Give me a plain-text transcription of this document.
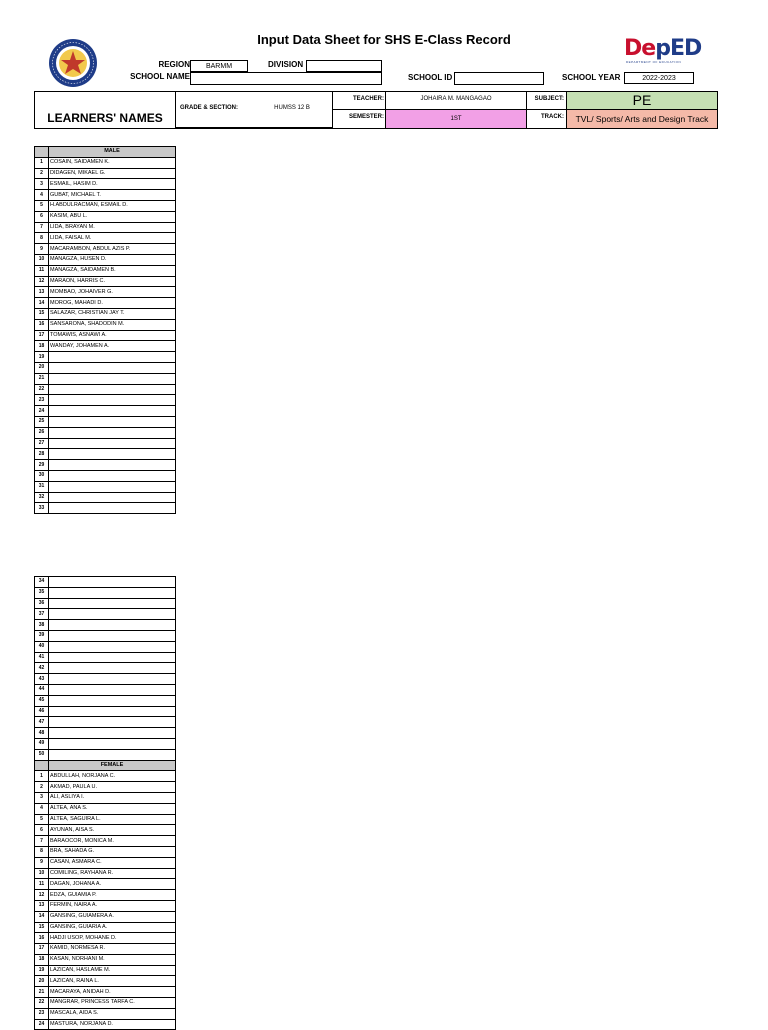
Input Data Sheet for SHS E-Class Record	DepED
DEPARTMENT OF EDUCATION
REGION	BARMM	DIVISION
SCHOOL NAME	SCHOOL ID	SCHOOL YEAR	2022-2023
LEARNERS' NAMES
GRADE & SECTION:	HUMSS 12 B
TEACHER:	JOHAIRA M. MANGAGAO
SEMESTER:	1ST
SUBJECT:	PE
TRACK:	TVL/ Sports/ Arts and Design Track
	MALE
1	COSAIN, SAIDAMEN K.
2	DIDAGEN, MIKAEL G.
3	ESMAIL, HASIM D.
4	GUBAT, MICHAEL T.
5	H.ABDULRACMAN, ESMAIL D.
6	KASIM, ABU L.
7	LIDA, BRAYAN M.
8	LIDA, FAISAL M.
9	MACARAMBON, ABDUL AZIS P.
10	MANAGZA, HUSEN D.
11	MANAGZA, SAIDAMEN B.
12	MARAON, HARRIS C.
13	MOMBAO, JOHAIVER G.
14	MOROG, MAHADI D.
15	SALAZAR, CHRISTIAN JAY T.
16	SANSARONA, SHADODIN M.
17	TOMAWIS, ASNAWI A.
18	WANDAY, JOHAMEN A.
19	
20	
21	
22	
23	
24	
25	
26	
27	
28	
29	
30	
31	
32	
33	
34	
35	
36	
37	
38	
39	
40	
41	
42	
43	
44	
45	
46	
47	
48	
49	
50	
	FEMALE
1	ABDULLAH, NORJANA C.
2	AKMAD, PAULA U.
3	ALI, ASLIYA I.
4	ALTEA, ANA S.
5	ALTEA, SAGUIRA L.
6	AYUNAN, AISA S.
7	BARAOCOR, MONICA M.
8	BRA, SAHADA G.
9	CASAN, ASMARA C.
10	COMILING, RAYHANA R.
11	DAGAN, JOHANA A.
12	EDZA, GUIAMIA P.
13	FERMIN, NAIRA A.
14	GANSING, GUIAMERA A.
15	GANSING, GUIARIA A.
16	HADJI USOP, MOHANE D.
17	KAMID, NORMESA R.
18	KASAN, NORHANI M.
19	LAZICAN, HASLAME M.
20	LAZICAN, RAINA L.
21	MACARAYA, ANIDAH D.
22	MANGRAR, PRINCESS TARFA C.
23	MASCALA, AIDA S.
24	MASTURA, NORJANA D.
